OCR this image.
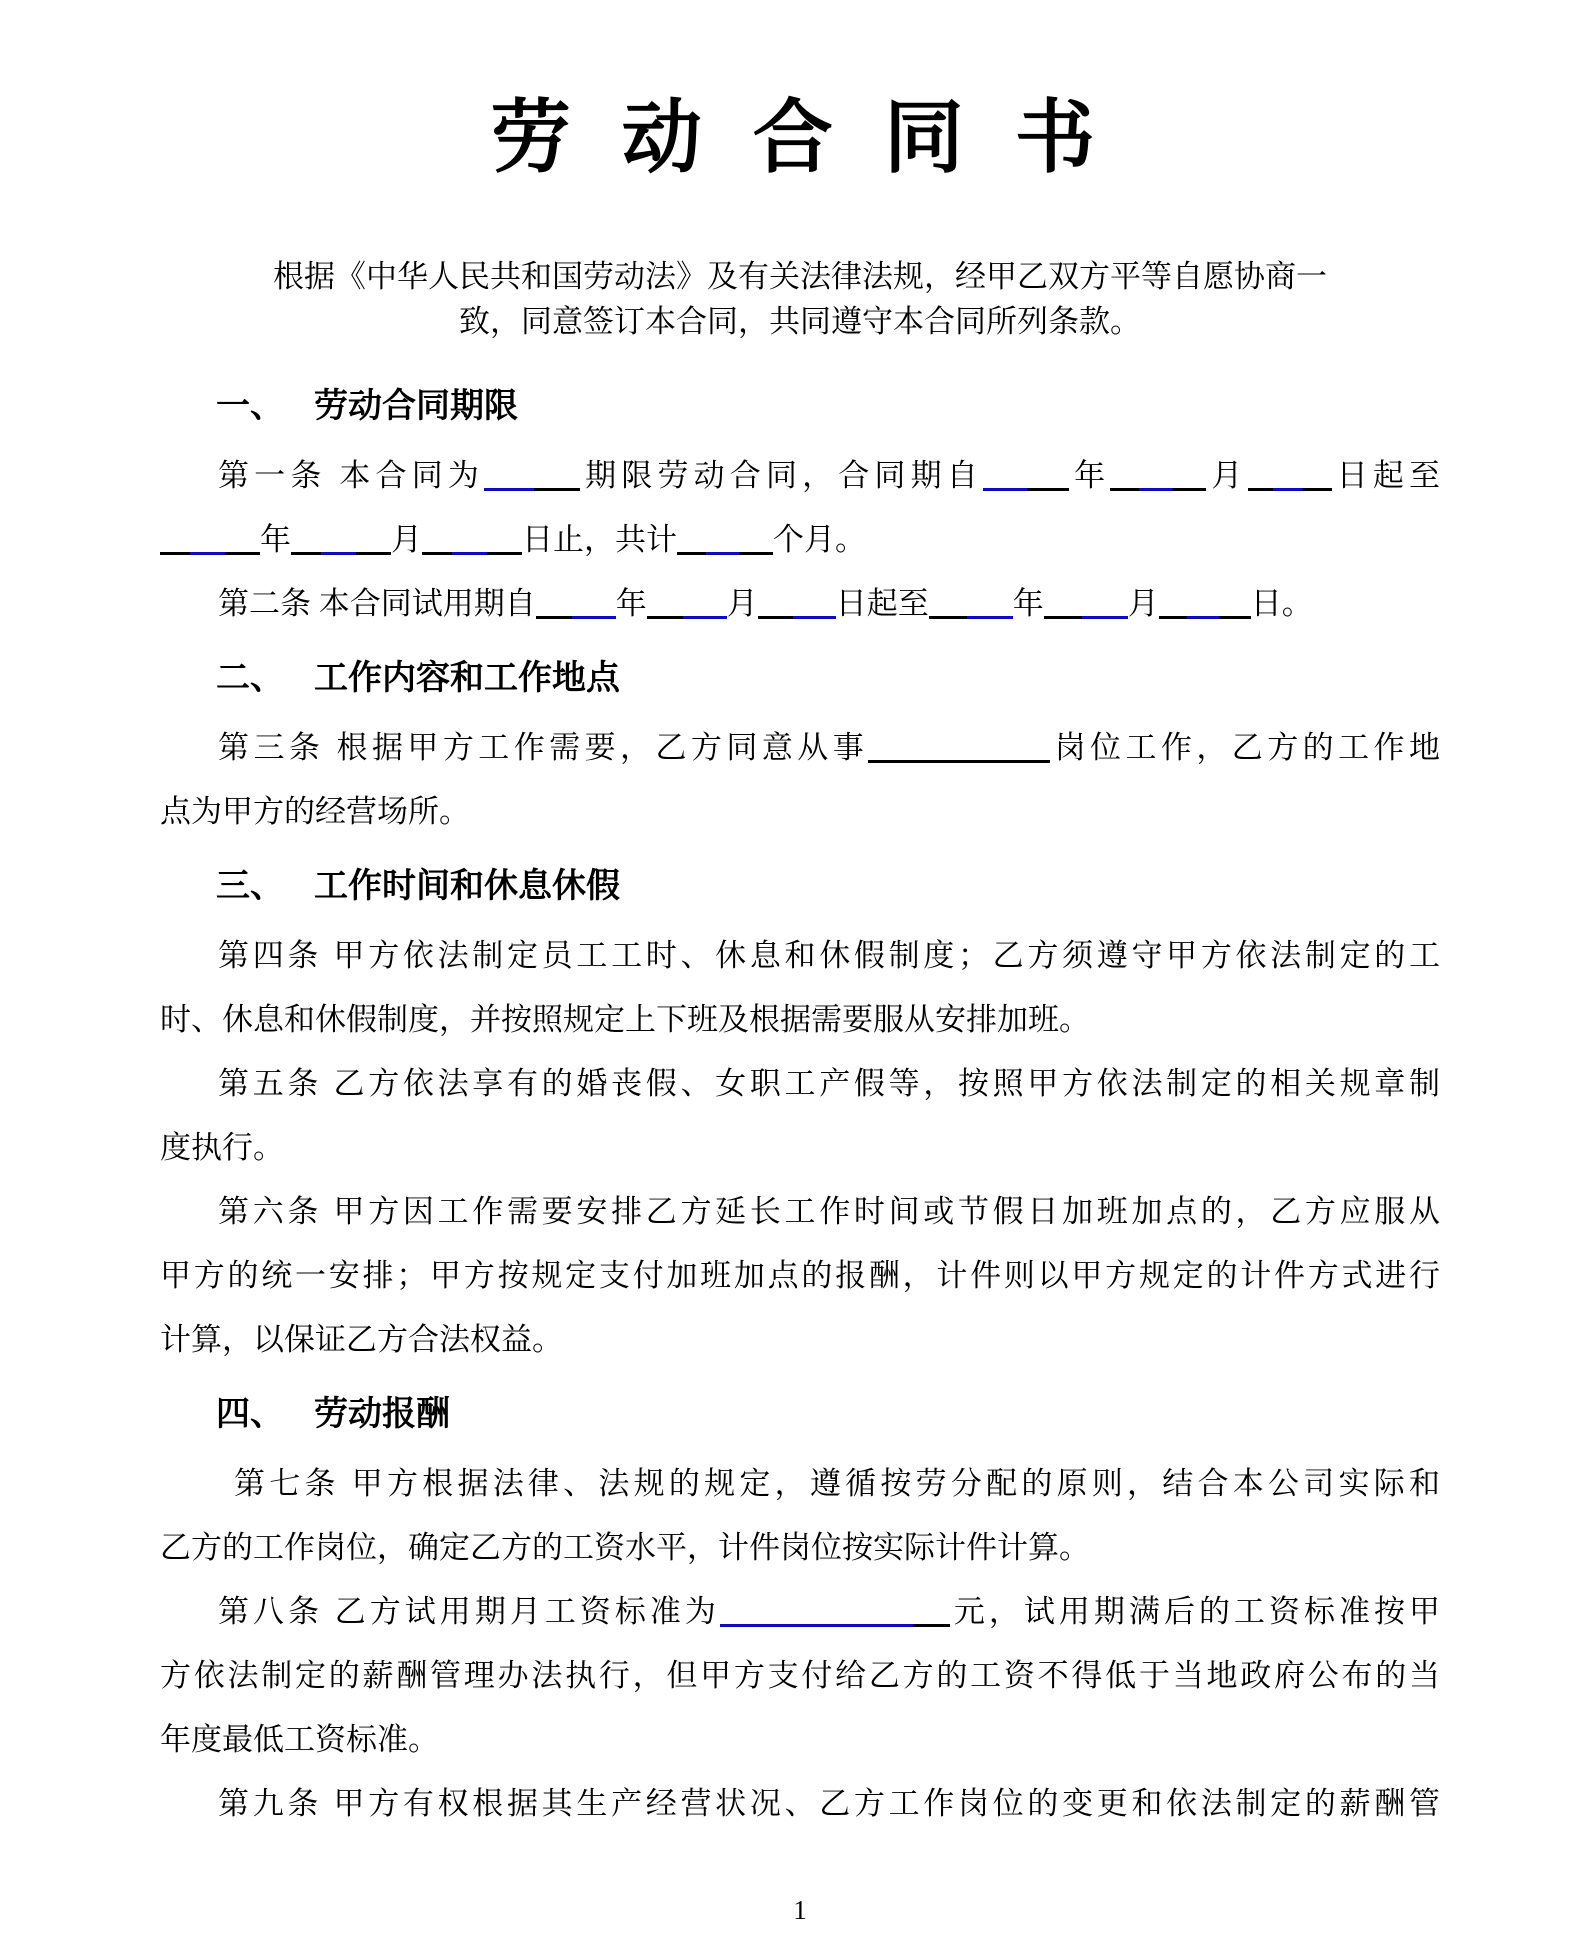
劳 动 合 同 书

根据《中华人民共和国劳动法》及有关法律法规，经甲乙双方平等自愿协商一
致，同意签订本合同，共同遵守本合同所列条款。

一、 劳动合同期限
第一条 本合同为	期限劳动合同，合同期自	年	月	日起至
年	月	日止，共计	个月。
第二条 本合同试用期自	年	月	日起至	年	月	日。
二、 工作内容和工作地点
第三条 根据甲方工作需要，乙方同意从事	岗位工作，乙方的工作地
点为甲方的经营场所。
三、 工作时间和休息休假
第四条 甲方依法制定员工工时、休息和休假制度；乙方须遵守甲方依法制定的工
时、休息和休假制度，并按照规定上下班及根据需要服从安排加班。
第五条 乙方依法享有的婚丧假、女职工产假等，按照甲方依法制定的相关规章制
度执行。
第六条 甲方因工作需要安排乙方延长工作时间或节假日加班加点的，乙方应服从
甲方的统一安排；甲方按规定支付加班加点的报酬，计件则以甲方规定的计件方式进行
计算，以保证乙方合法权益。
四、 劳动报酬
第七条 甲方根据法律、法规的规定，遵循按劳分配的原则，结合本公司实际和
乙方的工作岗位，确定乙方的工资水平，计件岗位按实际计件计算。
第八条 乙方试用期月工资标准为	元，试用期满后的工资标准按甲
方依法制定的薪酬管理办法执行，但甲方支付给乙方的工资不得低于当地政府公布的当
年度最低工资标准。
第九条 甲方有权根据其生产经营状况、乙方工作岗位的变更和依法制定的薪酬管
1
